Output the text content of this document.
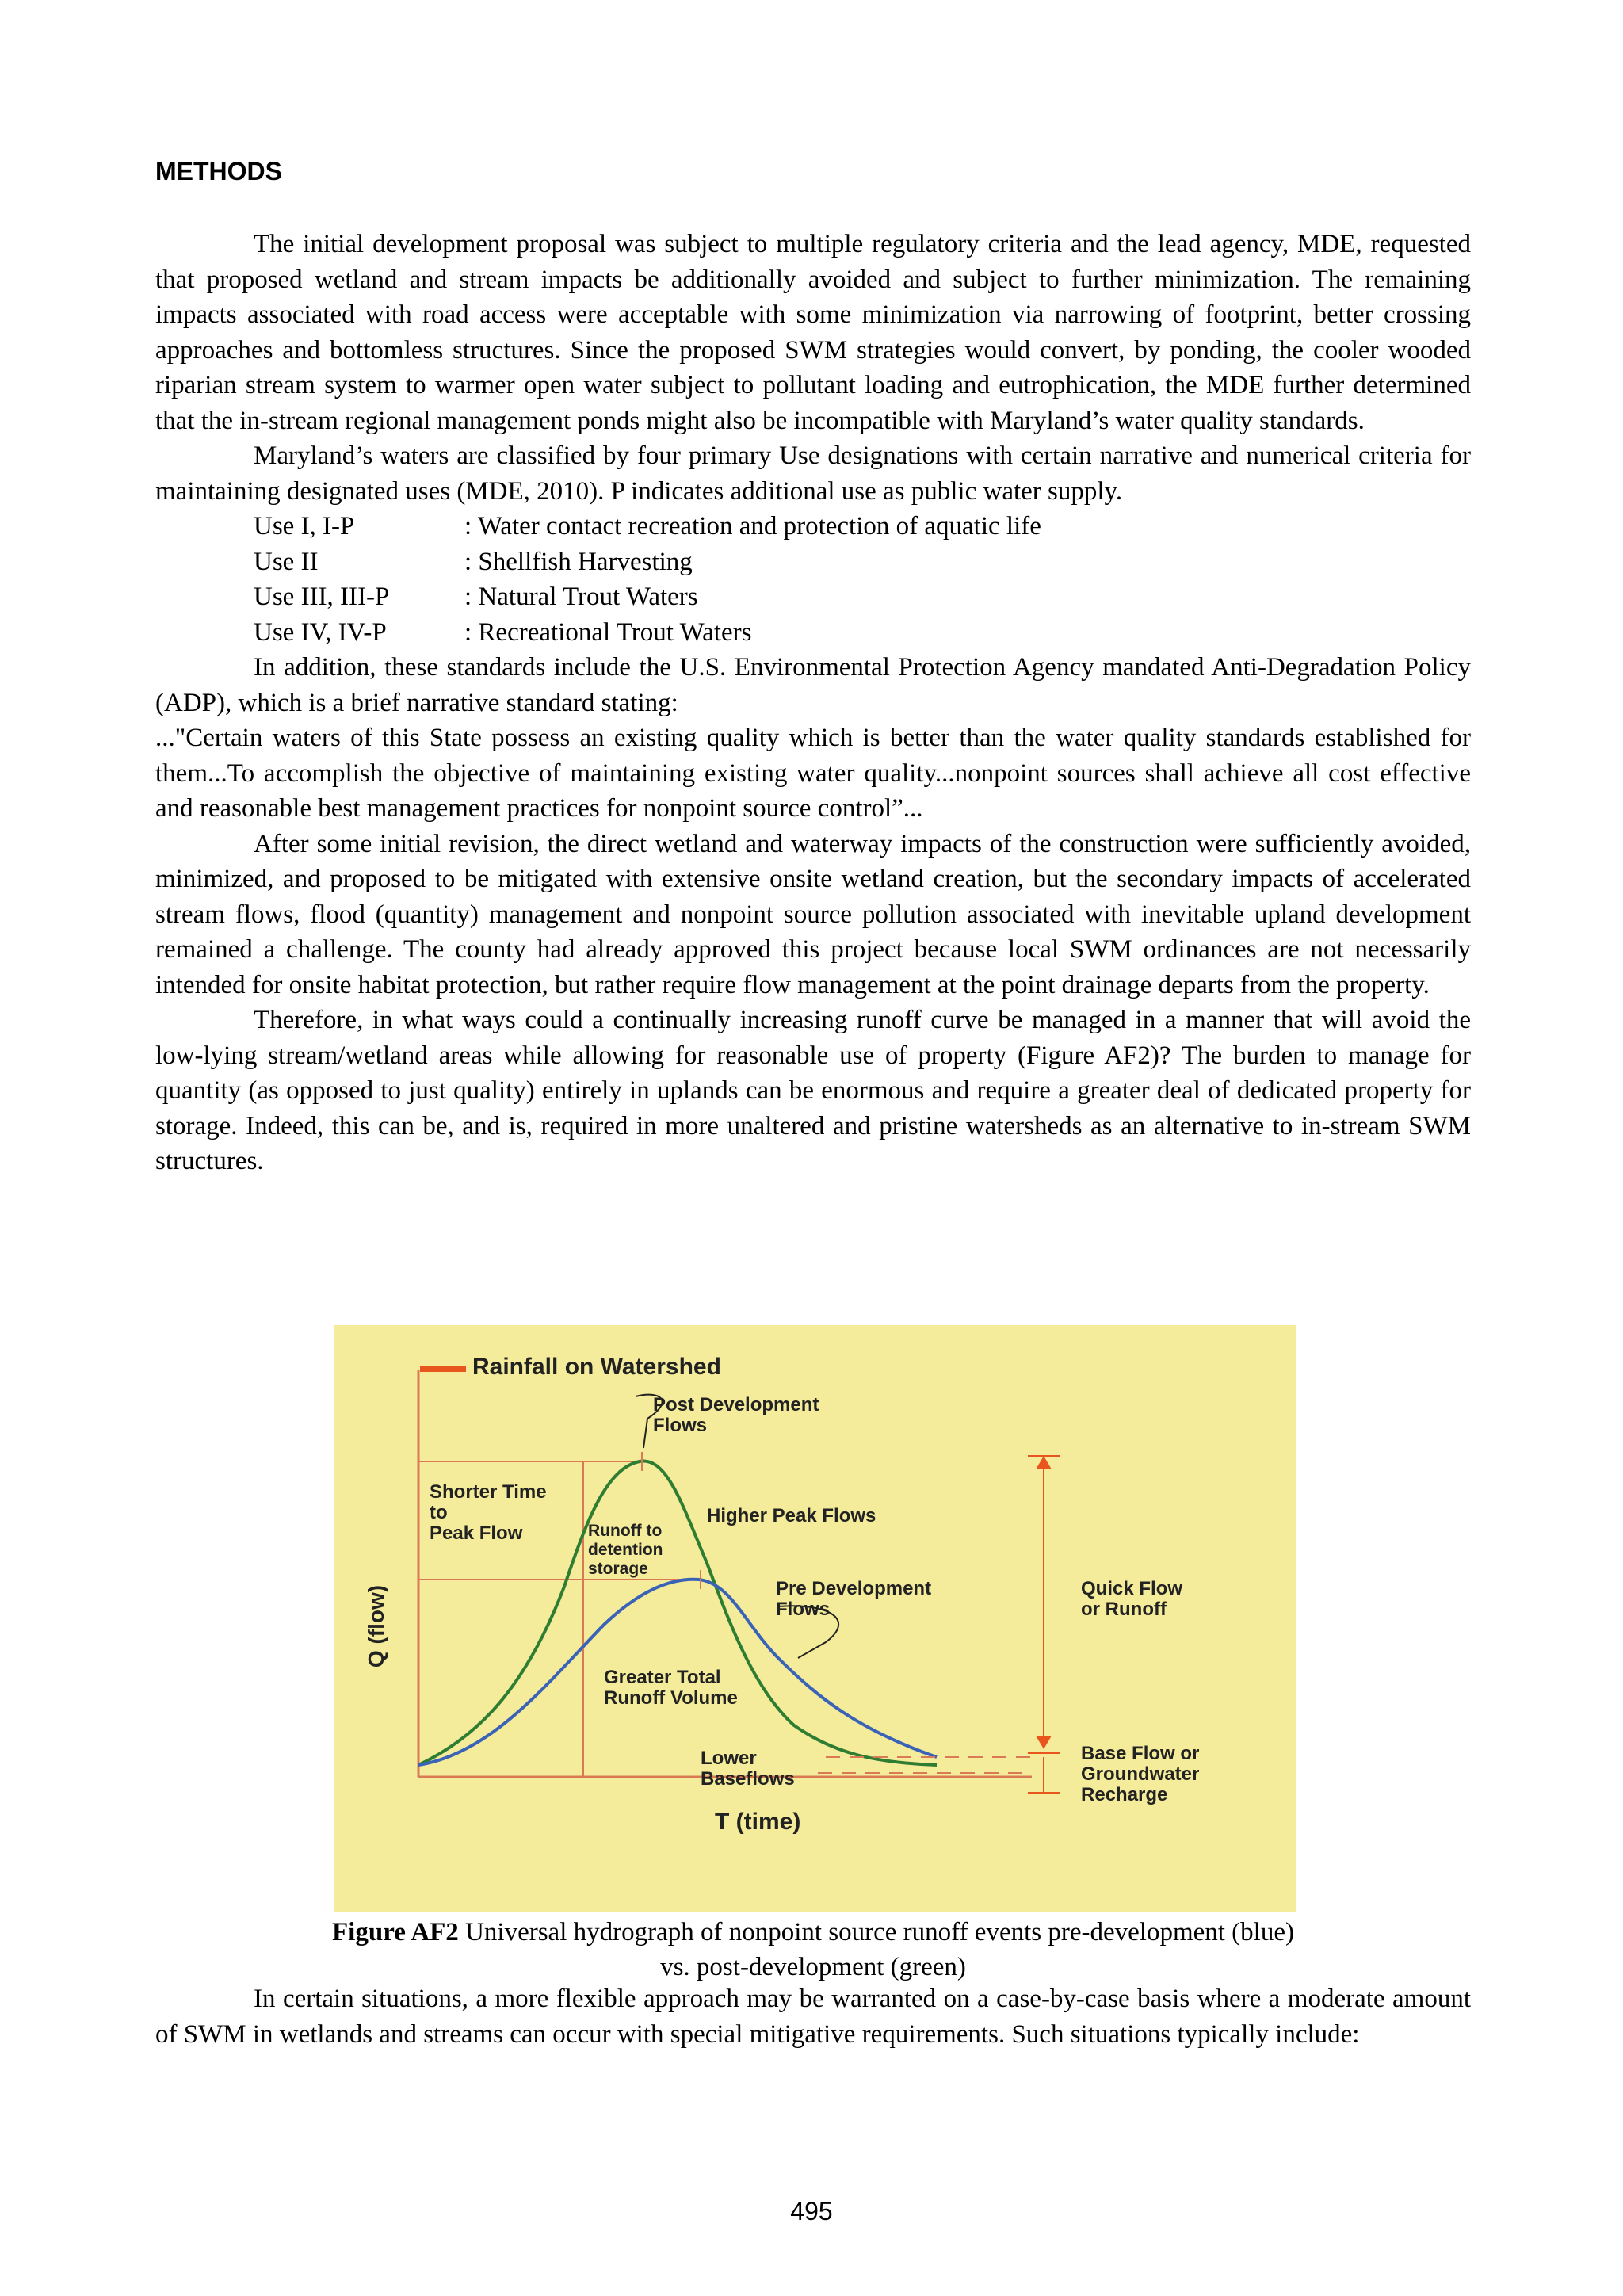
METHODS

The initial development proposal was subject to multiple regulatory criteria and the lead agency, MDE, requested that proposed wetland and stream impacts be additionally avoided and subject to further minimization. The remaining impacts associated with road access were acceptable with some minimization via narrowing of footprint, better crossing approaches and bottomless structures. Since the proposed SWM strategies would convert, by ponding, the cooler wooded riparian stream system to warmer open water subject to pollutant loading and eutrophication, the MDE further determined that the in-stream regional management ponds might also be incompatible with Maryland’s water quality standards.

Maryland’s waters are classified by four primary Use designations with certain narrative and numerical criteria for maintaining designated uses (MDE, 2010). P indicates additional use as public water supply.

Use I, I-P	: Water contact recreation and protection of aquatic life
Use II	: Shellfish Harvesting
Use III, III-P	: Natural Trout Waters
Use IV, IV-P	: Recreational Trout Waters

In addition, these standards include the U.S. Environmental Protection Agency mandated Anti-Degradation Policy (ADP), which is a brief narrative standard stating:

..."Certain waters of this State possess an existing quality which is better than the water quality standards established for them...To accomplish the objective of maintaining existing water quality...nonpoint sources shall achieve all cost effective and reasonable best management practices for nonpoint source control”...

After some initial revision, the direct wetland and waterway impacts of the construction were sufficiently avoided, minimized, and proposed to be mitigated with extensive onsite wetland creation, but the secondary impacts of accelerated stream flows, flood (quantity) management and nonpoint source pollution associated with inevitable upland development remained a challenge. The county had already approved this project because local SWM ordinances are not necessarily intended for onsite habitat protection, but rather require flow management at the point drainage departs from the property.

Therefore, in what ways could a continually increasing runoff curve be managed in a manner that will avoid the low-lying stream/wetland areas while allowing for reasonable use of property (Figure AF2)? The burden to manage for quantity (as opposed to just quality) entirely in uplands can be enormous and require a greater deal of dedicated property for storage. Indeed, this can be, and is, required in more unaltered and pristine watersheds as an alternative to in-stream SWM structures.

Rainfall on Watershed
Post Development
Flows
Shorter Time
to
Peak Flow	Runoff to
detention
storage
Higher Peak Flows
Pre Development
Flows
Quick Flow
or Runoff
Greater Total
Runoff Volume
Lower
Baseflows
Base Flow or
Groundwater
Recharge
Q (flow)
T (time)
Figure AF2 Universal hydrograph of nonpoint source runoff events pre-development (blue)
vs. post-development (green)

In certain situations, a more flexible approach may be warranted on a case-by-case basis where a moderate amount of SWM in wetlands and streams can occur with special mitigative requirements. Such situations typically include:

495
